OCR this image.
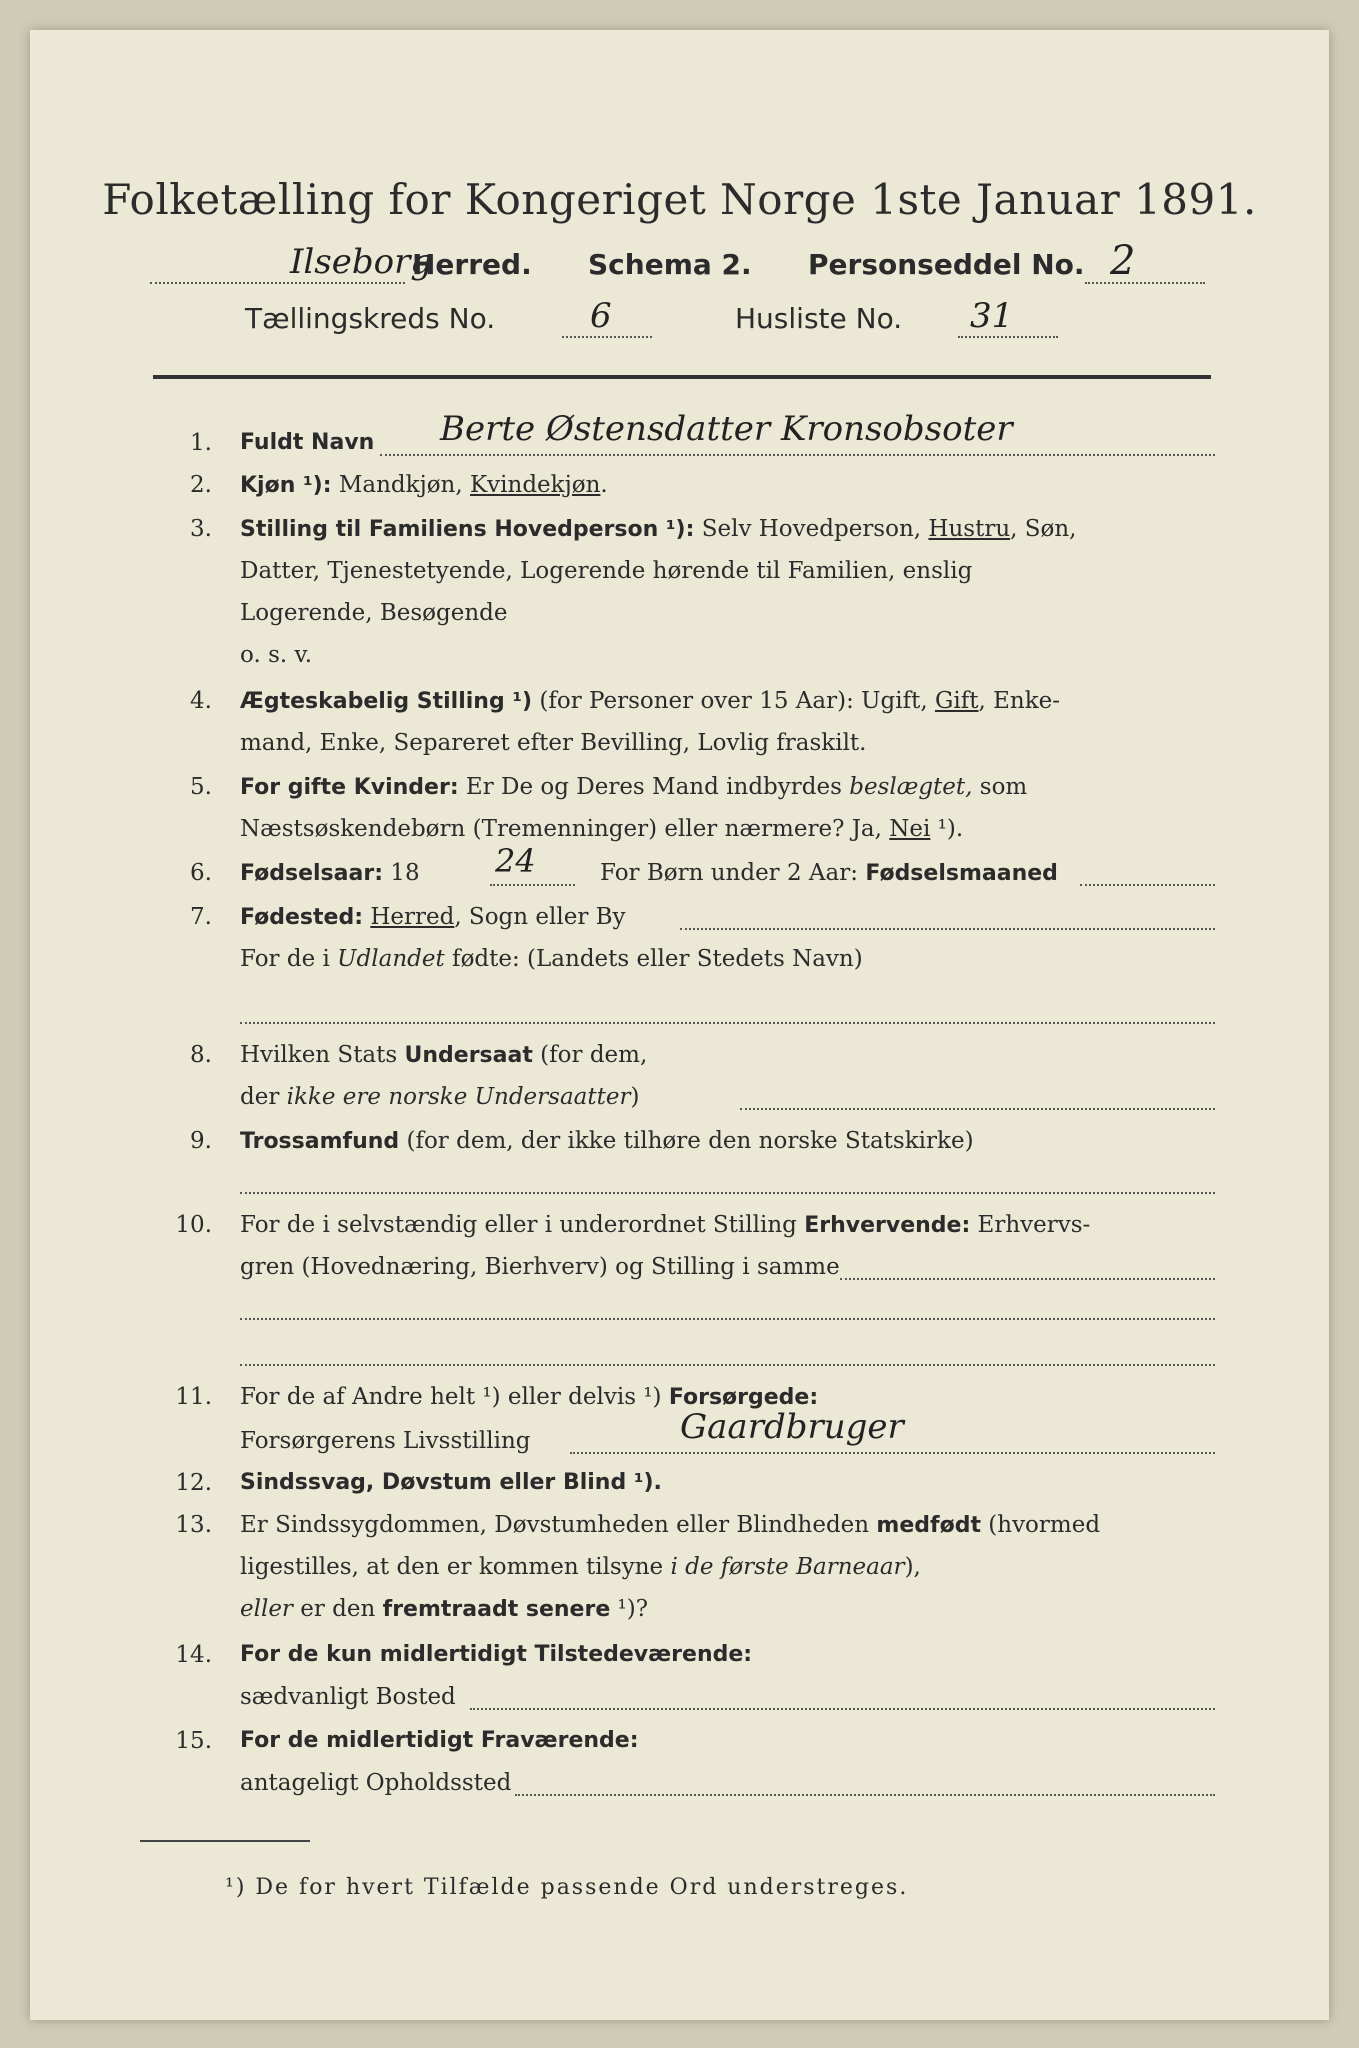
Folketælling for Kongeriget Norge 1ste Januar 1891.
Ilseborg
Herred. Schema 2. Personseddel No. 2
Tællingskreds No.	6	Husliste No. 31
1. Fuldt Navn Berte Østensdatter Kronsobsoter
2. Kjøn ¹): Mandkjøn, Kvindekjøn.
3. Stilling til Familiens Hovedperson ¹): Selv Hovedperson, Hustru, Søn,
Datter, Tjenestetyende, Logerende hørende til Familien, enslig
Logerende, Besøgende
o. s. v.
4. Ægteskabelig Stilling ¹) (for Personer over 15 Aar): Ugift, Gift, Enke-
mand, Enke, Separeret efter Bevilling, Lovlig fraskilt.
5. For gifte Kvinder: Er De og Deres Mand indbyrdes beslægtet, som
Næstsøskendebørn (Tremenninger) eller nærmere? Ja, Nei ¹).
6. Fødselsaar: 18 24	For Børn under 2 Aar: Fødselsmaaned
7. Fødested: Herred, Sogn eller By
For de i Udlandet fødte: (Landets eller Stedets Navn)
8. Hvilken Stats Undersaat (for dem,
der ikke ere norske Undersaatter)
9. Trossamfund (for dem, der ikke tilhøre den norske Statskirke)
10. For de i selvstændig eller i underordnet Stilling Erhvervende: Erhvervs-
gren (Hovednæring, Bierhverv) og Stilling i samme
11. For de af Andre helt ¹) eller delvis ¹) Forsørgede:
Forsørgerens Livsstilling	Gaardbruger
12. Sindssvag, Døvstum eller Blind ¹).
13. Er Sindssygdommen, Døvstumheden eller Blindheden medfødt (hvormed
ligestilles, at den er kommen tilsyne i de første Barneaar),
eller er den fremtraadt senere ¹)?
14. For de kun midlertidigt Tilstedeværende:
sædvanligt Bosted
15. For de midlertidigt Fraværende:
antageligt Opholdssted
¹) De for hvert Tilfælde passende Ord understreges.
